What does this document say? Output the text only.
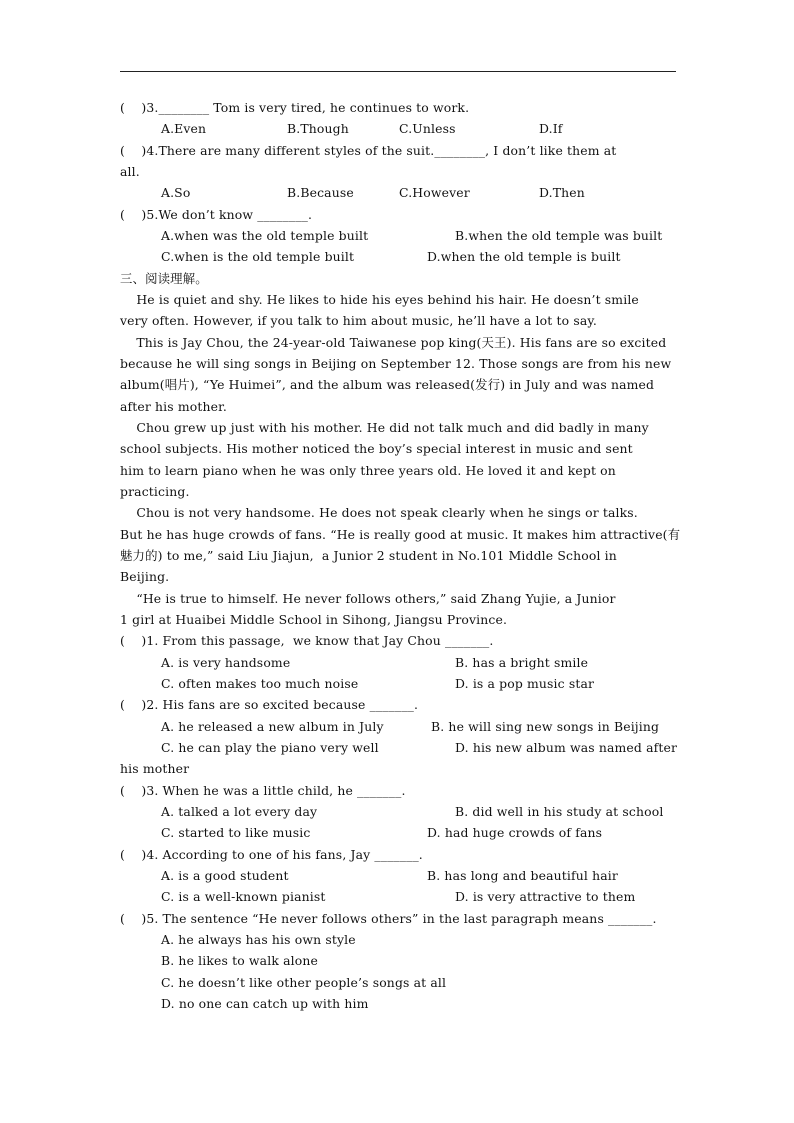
(    )3.________ Tom is very tired, he continues to work.
A.Even	B.Though	C.Unless	D.If
(    )4.There are many different styles of the suit.________, I don’t like them at
all.
A.So	B.Because	C.However	D.Then
(    )5.We don’t know ________.
A.when was the old temple built	B.when the old temple was built
C.when is the old temple built	D.when the old temple is built
三、阅读理解。
He is quiet and shy. He likes to hide his eyes behind his hair. He doesn’t smile
very often. However, if you talk to him about music, he’ll have a lot to say.
This is Jay Chou, the 24-year-old Taiwanese pop king(天王). His fans are so excited
because he will sing songs in Beijing on September 12. Those songs are from his new
album(唱片), “Ye Huimei”, and the album was released(发行) in July and was named
after his mother.
Chou grew up just with his mother. He did not talk much and did badly in many
school subjects. His mother noticed the boy’s special interest in music and sent
him to learn piano when he was only three years old. He loved it and kept on
practicing.
Chou is not very handsome. He does not speak clearly when he sings or talks.
But he has huge crowds of fans. “He is really good at music. It makes him attractive(有
魅力的) to me,” said Liu Jiajun,  a Junior 2 student in No.101 Middle School in
Beijing.
“He is true to himself. He never follows others,” said Zhang Yujie, a Junior
1 girl at Huaibei Middle School in Sihong, Jiangsu Province.
(    )1. From this passage,  we know that Jay Chou _______.
A. is very handsome	B. has a bright smile
C. often makes too much noise	D. is a pop music star
(    )2. His fans are so excited because _______.
A. he released a new album in July	B. he will sing new songs in Beijing
C. he can play the piano very well	D. his new album was named after
his mother
(    )3. When he was a little child, he _______.
A. talked a lot every day	B. did well in his study at school
C. started to like music	D. had huge crowds of fans
(    )4. According to one of his fans, Jay _______.
A. is a good student	B. has long and beautiful hair
C. is a well-known pianist	D. is very attractive to them
(    )5. The sentence “He never follows others” in the last paragraph means _______.
A. he always has his own style
B. he likes to walk alone
C. he doesn’t like other people’s songs at all
D. no one can catch up with him
